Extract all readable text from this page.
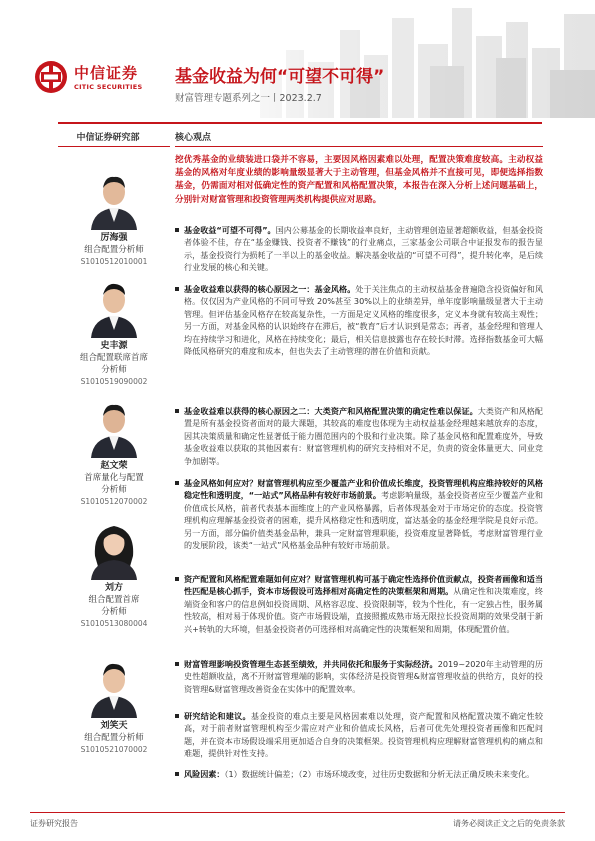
中信证券
CITIC SECURITIES 基金收益为何“可望不可得”
财富管理专题系列之一丨2023.2.7
中信证券研究部	核心观点
厉海强
组合配置分析师
S1010512010001
史丰源
组合配置联席首席
分析师
S1010519090002
赵文荣
首席量化与配置
分析师
S1010512070002
刘方
组合配置首席
分析师
S1010513080004
刘笑天
组合配置分析师
S1010521070002
挖优秀基金的业绩装进口袋并不容易，主要因风格因素难以处理，配置决策难度较高。主动权益基金的风格对年度业绩的影响量级显著大于主动管理，但基金风格并不直接可见，即便选择指数基金，仍需面对相对低确定性的资产配置和风格配置决策，本报告在深入分析上述问题基础上，分别针对财富管理和投资管理两类机构提供应对思路。
基金收益“可望不可得”。国内公募基金的长期收益率良好，主动管理创造显著超额收益，但基金投资者体验不佳，存在“基金赚钱、投资者不赚钱”的行业痛点，三家基金公司联合中证报发布的报告显示，基金投资行为损耗了一半以上的基金收益。解决基金收益的“可望不可得”，提升转化率，是后续行业发展的核心和关键。
基金收益难以获得的核心原因之一：基金风格。处于关注焦点的主动权益基金普遍隐含投资偏好和风格。仅仅因为产业风格的不同可导致 20%甚至 30%以上的业绩差异，单年度影响量级显著大于主动管理。但评估基金风格存在较高复杂性，一方面是定义风格的维度很多，定义本身就有较高主观性；另一方面，对基金风格的认识始终存在滞后，被“教育”后才认识到是常态；再者，基金经理和管理人均在持续学习和进化，风格在持续变化；最后，相关信息披露也存在较长时滞。选择指数基金可大幅降低风格研究的难度和成本，但也失去了主动管理的潜在价值和贡献。
基金收益难以获得的核心原因之二：大类资产和风格配置决策的确定性难以保证。大类资产和风格配置是所有基金投资者面对的最大课题，其较高的难度也体现为主动权益基金经理越来越放弃的态度，因其决策质量和确定性显著低于能力圈范围内的个股和行业决策。除了基金风格和配置难度外，导致基金收益难以获取的其他因素有：财富管理机构的研究支持相对不足，负责的资金体量更大、同业竞争加剧等。
基金风格如何应对？财富管理机构应至少覆盖产业和价值成长维度，投资管理机构应维持较好的风格稳定性和透明度，“一站式”风格品种有较好市场前景。考虑影响量级，基金投资者应至少覆盖产业和价值成长风格，前者代表基本面维度上的产业风格暴露，后者体现基金对于市场定价的态度。投资管理机构应理解基金投资者的困难，提升风格稳定性和透明度，富达基金的基金经理学院是良好示范。另一方面，部分偏价值类基金品种，兼具一定财富管理职能，投资难度显著降低，考虑财富管理行业的发展阶段，该类“一站式”风格基金品种有较好市场前景。
资产配置和风格配置难题如何应对？财富管理机构可基于确定性选择价值贡献点，投资者画像和适当性匹配是核心抓手，资本市场假设可选择相对高确定性的决策框架和周期。从确定性和决策难度，终端资金和客户的信息例如投资周期、风格容忍度、投资限制等，较为个性化，有一定独占性，服务属性较高，相对易于体现价值。资产市场假设端，直接照搬成熟市场无限拉长投资周期的效果受制于新兴+转轨的大环境，但基金投资者仍可选择相对高确定性的决策框架和周期，体现配置价值。
财富管理影响投资管理生态甚至绩效，并共同依托和服务于实际经济。2019~2020年主动管理的历史性超额收益，离不开财富管理端的影响，实体经济是投资管理&财富管理收益的供给方，良好的投资管理&财富管理改善资金在实体中的配置效率。
研究结论和建议。基金投资的难点主要是风格因素难以处理，资产配置和风格配置决策不确定性较高，对于前者财富管理机构至少需应对产业和价值成长风格，后者可优先处理投资者画像和匹配问题，并在资本市场假设端采用更加适合自身的决策框架。投资管理机构应理解财富管理机构的痛点和难题，提供针对性支持。
风险因素：（1）数据统计偏差；（2）市场环境改变，过往历史数据和分析无法正确反映未来变化。
证券研究报告	请务必阅读正文之后的免责条款
